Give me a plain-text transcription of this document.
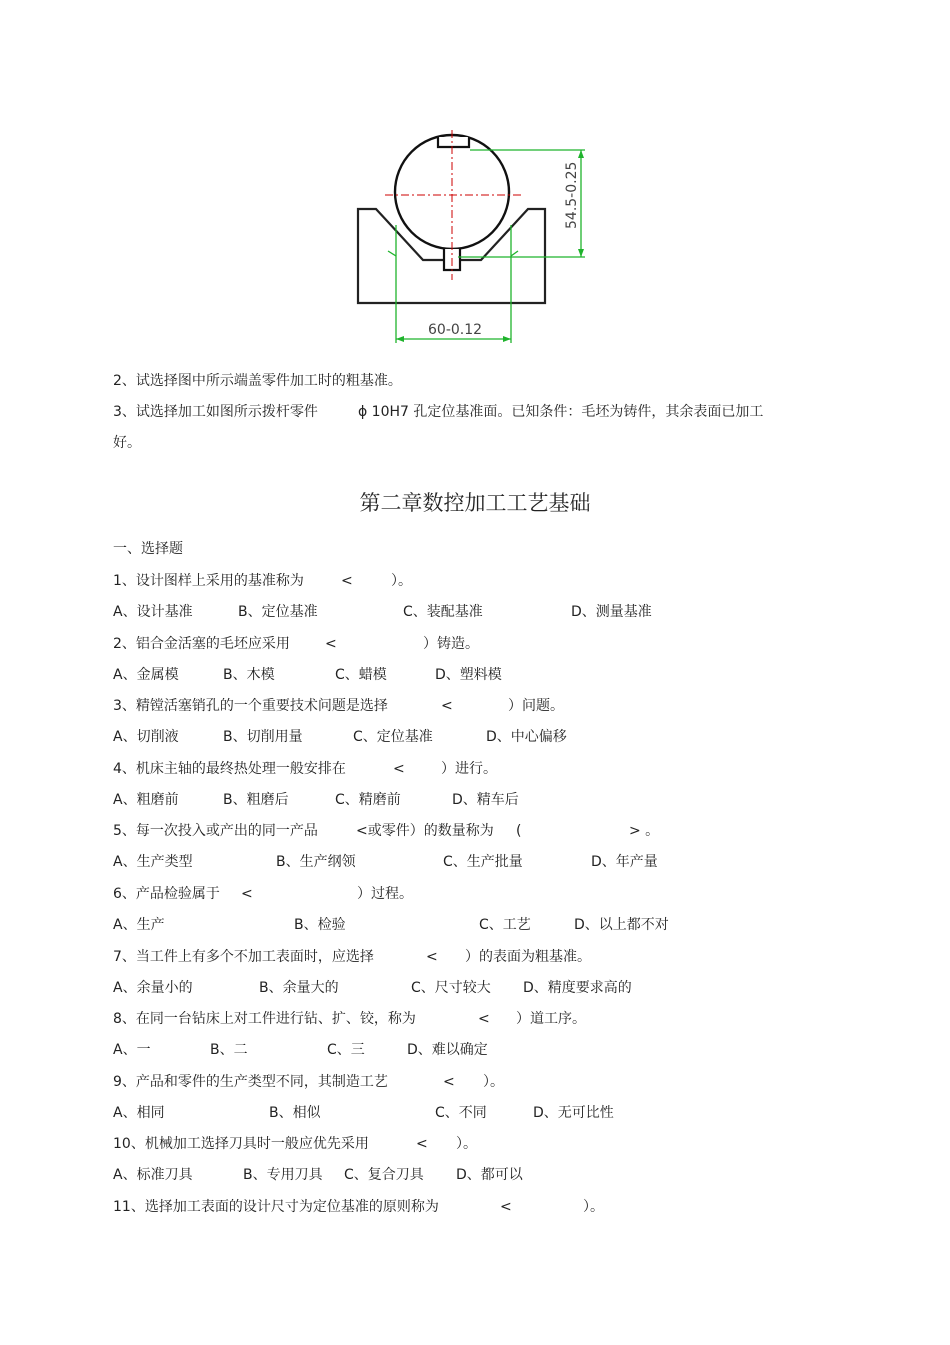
54.5-0.25
60-0.12
2、试选择图中所示端盖零件加工时的粗基准。
3、试选择加工如图所示拨杆零件	ϕ 10H7 孔定位基准面。已知条件：毛坯为铸件，其余表面已加工
好。
第二章数控加工工艺基础
一、选择题
1、设计图样上采用的基准称为	<	）。
A、设计基准	B、定位基准	C、装配基准	D、测量基准
2、铝合金活塞的毛坯应采用	<	）铸造。
A、金属模	B、木模	C、蜡模	D、塑料模
3、精镗活塞销孔的一个重要技术问题是选择	<	）问题。
A、切削液	B、切削用量	C、定位基准	D、中心偏移
4、机床主轴的最终热处理一般安排在	<	）进行。
A、粗磨前	B、粗磨后	C、精磨前	D、精车后
5、每一次投入或产出的同一产品	<或零件）的数量称为 (	> 。
A、生产类型	B、生产纲领	C、生产批量	D、年产量
6、产品检验属于 <	）过程。
A、生产	B、检验	C、工艺	D、以上都不对
7、当工件上有多个不加工表面时，应选择	< ）的表面为粗基准。
A、余量小的	B、余量大的	C、尺寸较大 D、精度要求高的
8、在同一台钻床上对工件进行钻、扩、铰，称为	< ）道工序。
A、一	B、二	C、三	D、难以确定
9、产品和零件的生产类型不同，其制造工艺	< ）。
A、相同	B、相似	C、不同	D、无可比性
10、机械加工选择刀具时一般应优先采用	< ）。
A、标准刀具	B、专用刀具 C、复合刀具 D、都可以
11、选择加工表面的设计尺寸为定位基准的原则称为	<	）。
